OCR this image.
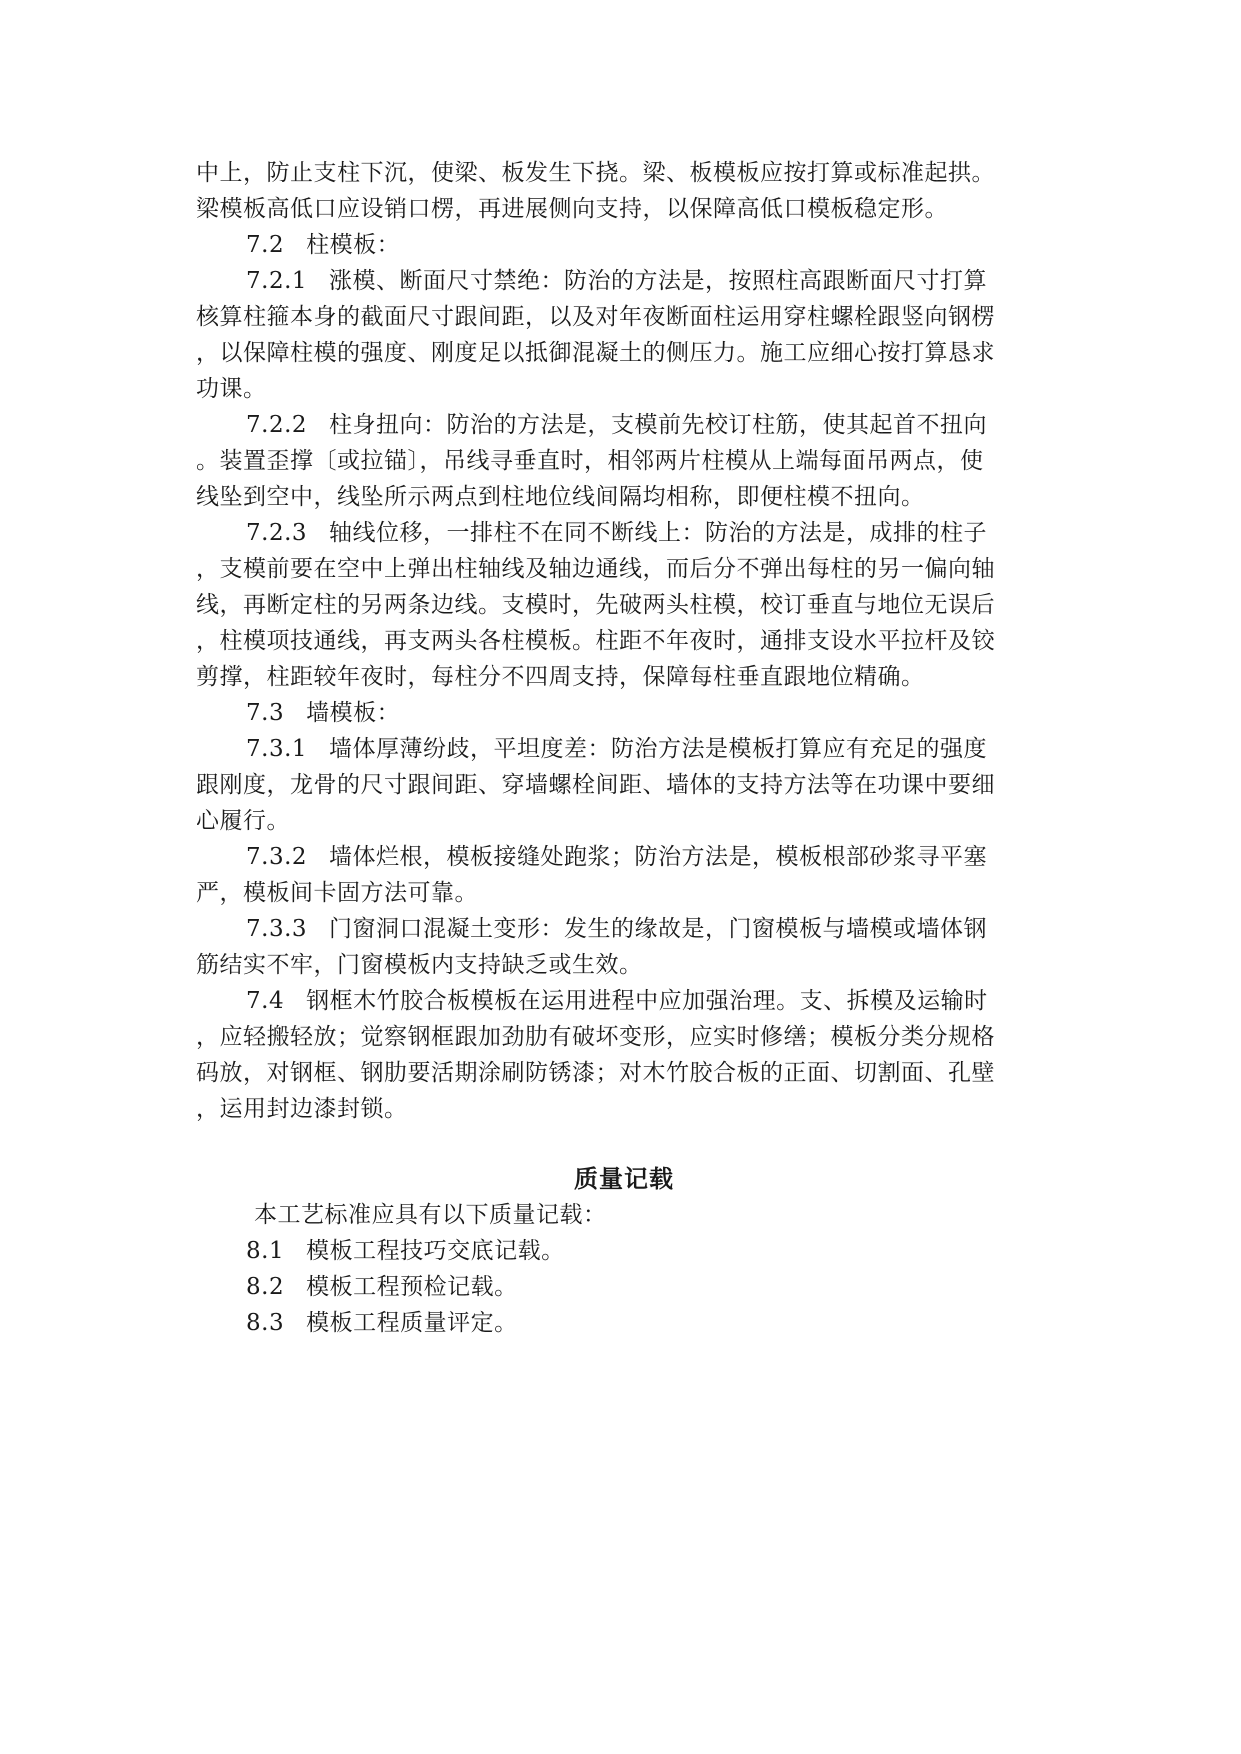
中上，防止支柱下沉，使梁、板发生下挠。梁、板模板应按打算或标准起拱。
梁模板高低口应设销口楞，再进展侧向支持，以保障高低口模板稳定形。
7.2 柱模板：
7.2.1 涨模、断面尺寸禁绝：防治的方法是，按照柱高跟断面尺寸打算
核算柱箍本身的截面尺寸跟间距，以及对年夜断面柱运用穿柱螺栓跟竖向钢楞
，以保障柱模的强度、刚度足以抵御混凝土的侧压力。施工应细心按打算恳求
功课。
7.2.2 柱身扭向：防治的方法是，支模前先校订柱筋，使其起首不扭向
。装置歪撑〔或拉锚〕，吊线寻垂直时，相邻两片柱模从上端每面吊两点，使
线坠到空中，线坠所示两点到柱地位线间隔均相称，即便柱模不扭向。
7.2.3 轴线位移，一排柱不在同不断线上：防治的方法是，成排的柱子
，支模前要在空中上弹出柱轴线及轴边通线，而后分不弹出每柱的另一偏向轴
线，再断定柱的另两条边线。支模时，先破两头柱模，校订垂直与地位无误后
，柱模项技通线，再支两头各柱模板。柱距不年夜时，通排支设水平拉杆及铰
剪撑，柱距较年夜时，每柱分不四周支持，保障每柱垂直跟地位精确。
7.3 墙模板：
7.3.1 墙体厚薄纷歧，平坦度差：防治方法是模板打算应有充足的强度
跟刚度，龙骨的尺寸跟间距、穿墙螺栓间距、墙体的支持方法等在功课中要细
心履行。
7.3.2 墙体烂根，模板接缝处跑浆；防治方法是，模板根部砂浆寻平塞
严，模板间卡固方法可靠。
7.3.3 门窗洞口混凝土变形：发生的缘故是，门窗模板与墙模或墙体钢
筋结实不牢，门窗模板内支持缺乏或生效。
7.4 钢框木竹胶合板模板在运用进程中应加强治理。支、拆模及运输时
，应轻搬轻放；觉察钢框跟加劲肋有破坏变形，应实时修缮；模板分类分规格
码放，对钢框、钢肋要活期涂刷防锈漆；对木竹胶合板的正面、切割面、孔壁
，运用封边漆封锁。
质量记载
本工艺标准应具有以下质量记载：
8.1 模板工程技巧交底记载。
8.2 模板工程预检记载。
8.3 模板工程质量评定。
